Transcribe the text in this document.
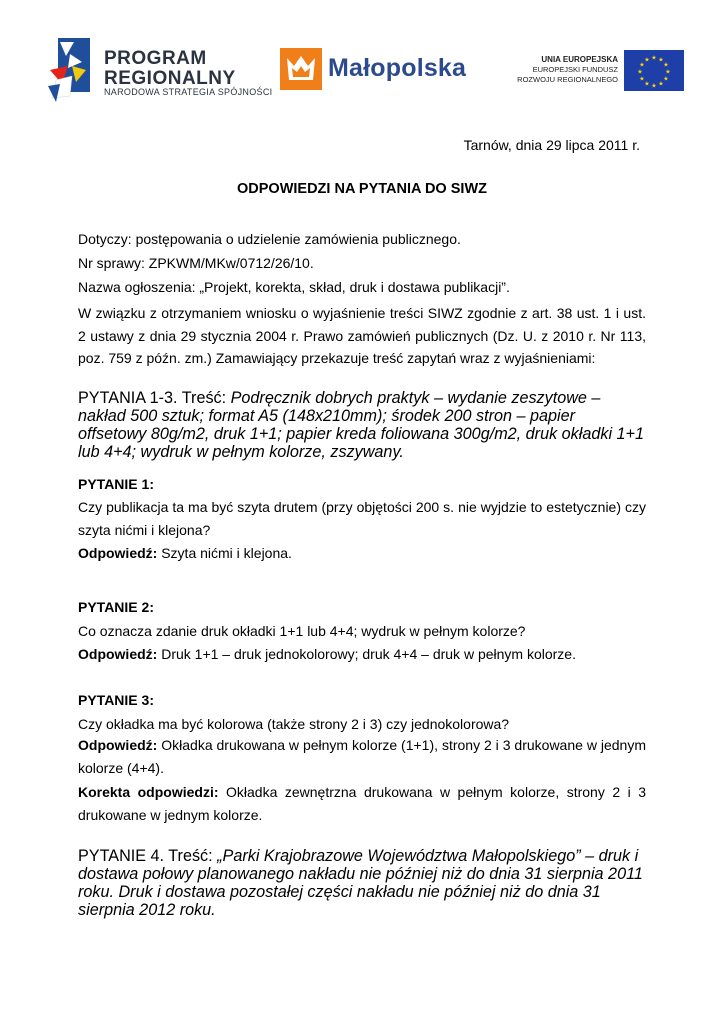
PROGRAM
REGIONALNY
NARODOWA STRATEGIA SPÓJNOŚCI
Małopolska	UNIA EUROPEJSKA
EUROPEJSKI FUNDUSZ
ROZWOJU REGIONALNEGO
★ ★
★
★
★
★
★
★
★
★
★
★
Tarnów, dnia 29 lipca 2011 r.
ODPOWIEDZI NA PYTANIA DO SIWZ
Dotyczy: postępowania o udzielenie zamówienia publicznego.
Nr sprawy: ZPKWM/MKw/0712/26/10.
Nazwa ogłoszenia: „Projekt, korekta, skład, druk i dostawa publikacji”.
W związku z otrzymaniem wniosku o wyjaśnienie treści SIWZ zgodnie z art. 38 ust. 1 i ust. 2 ustawy z dnia 29 stycznia 2004 r. Prawo zamówień publicznych (Dz. U. z 2010 r. Nr 113, poz. 759 z późn. zm.) Zamawiający przekazuje treść zapytań wraz z wyjaśnieniami:
PYTANIA 1-3. Treść: Podręcznik dobrych praktyk – wydanie zeszytowe – nakład 500 sztuk; format A5 (148x210mm); środek 200 stron – papier offsetowy 80g/m2, druk 1+1; papier kreda foliowana 300g/m2, druk okładki 1+1 lub 4+4; wydruk w pełnym kolorze, zszywany.
PYTANIE 1:
Czy publikacja ta ma być szyta drutem (przy objętości 200 s. nie wyjdzie to estetycznie) czy szyta nićmi i klejona?
Odpowiedź: Szyta nićmi i klejona.
PYTANIE 2:
Co oznacza zdanie druk okładki 1+1 lub 4+4; wydruk w pełnym kolorze?
Odpowiedź: Druk 1+1 – druk jednokolorowy; druk 4+4 – druk w pełnym kolorze.
PYTANIE 3:
Czy okładka ma być kolorowa (także strony 2 i 3) czy jednokolorowa?
Odpowiedź: Okładka drukowana w pełnym kolorze (1+1), strony 2 i 3 drukowane w jednym kolorze (4+4).
Korekta odpowiedzi: Okładka zewnętrzna drukowana w pełnym kolorze, strony 2 i 3 drukowane w jednym kolorze.
PYTANIE 4. Treść: „Parki Krajobrazowe Województwa Małopolskiego” – druk i dostawa połowy planowanego nakładu nie później niż do dnia 31 sierpnia 2011 roku. Druk i dostawa pozostałej części nakładu nie później niż do dnia 31 sierpnia 2012 roku.
